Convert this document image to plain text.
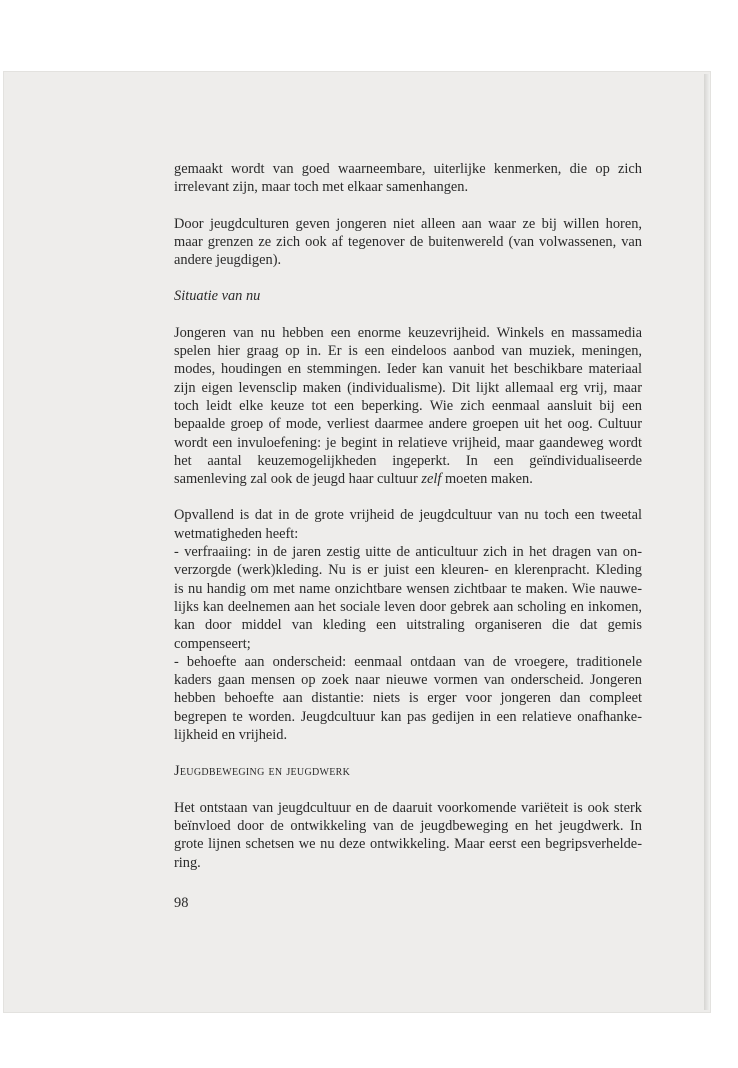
gemaakt wordt van goed waarneembare, uiterlijke kenmerken, die op zich
irrelevant zijn, maar toch met elkaar samenhangen.

Door jeugdculturen geven jongeren niet alleen aan waar ze bij willen horen,
maar grenzen ze zich ook af tegenover de buitenwereld (van volwassenen, van
andere jeugdigen).

Situatie van nu

Jongeren van nu hebben een enorme keuzevrijheid. Winkels en massamedia
spelen hier graag op in. Er is een eindeloos aanbod van muziek, meningen,
modes, houdingen en stemmingen. Ieder kan vanuit het beschikbare materiaal
zijn eigen levensclip maken (individualisme). Dit lijkt allemaal erg vrij, maar
toch leidt elke keuze tot een beperking. Wie zich eenmaal aansluit bij een
bepaalde groep of mode, verliest daarmee andere groepen uit het oog. Cultuur
wordt een invuloefening: je begint in relatieve vrijheid, maar gaandeweg wordt
het aantal keuzemogelijkheden ingeperkt. In een geïndividualiseerde
samenleving zal ook de jeugd haar cultuur zelf moeten maken.

Opvallend is dat in de grote vrijheid de jeugdcultuur van nu toch een tweetal
wetmatigheden heeft:
- verfraaiing: in de jaren zestig uitte de anticultuur zich in het dragen van on-
verzorgde (werk)kleding. Nu is er juist een kleuren- en klerenpracht. Kleding
is nu handig om met name onzichtbare wensen zichtbaar te maken. Wie nauwe-
lijks kan deelnemen aan het sociale leven door gebrek aan scholing en inkomen,
kan door middel van kleding een uitstraling organiseren die dat gemis
compenseert;
- behoefte aan onderscheid: eenmaal ontdaan van de vroegere, traditionele
kaders gaan mensen op zoek naar nieuwe vormen van onderscheid. Jongeren
hebben behoefte aan distantie: niets is erger voor jongeren dan compleet
begrepen te worden. Jeugdcultuur kan pas gedijen in een relatieve onafhanke-
lijkheid en vrijheid.

Jeugdbeweging en jeugdwerk

Het ontstaan van jeugdcultuur en de daaruit voorkomende variëteit is ook sterk
beïnvloed door de ontwikkeling van de jeugdbeweging en het jeugdwerk. In
grote lijnen schetsen we nu deze ontwikkeling. Maar eerst een begripsverhelde-
ring.

98
